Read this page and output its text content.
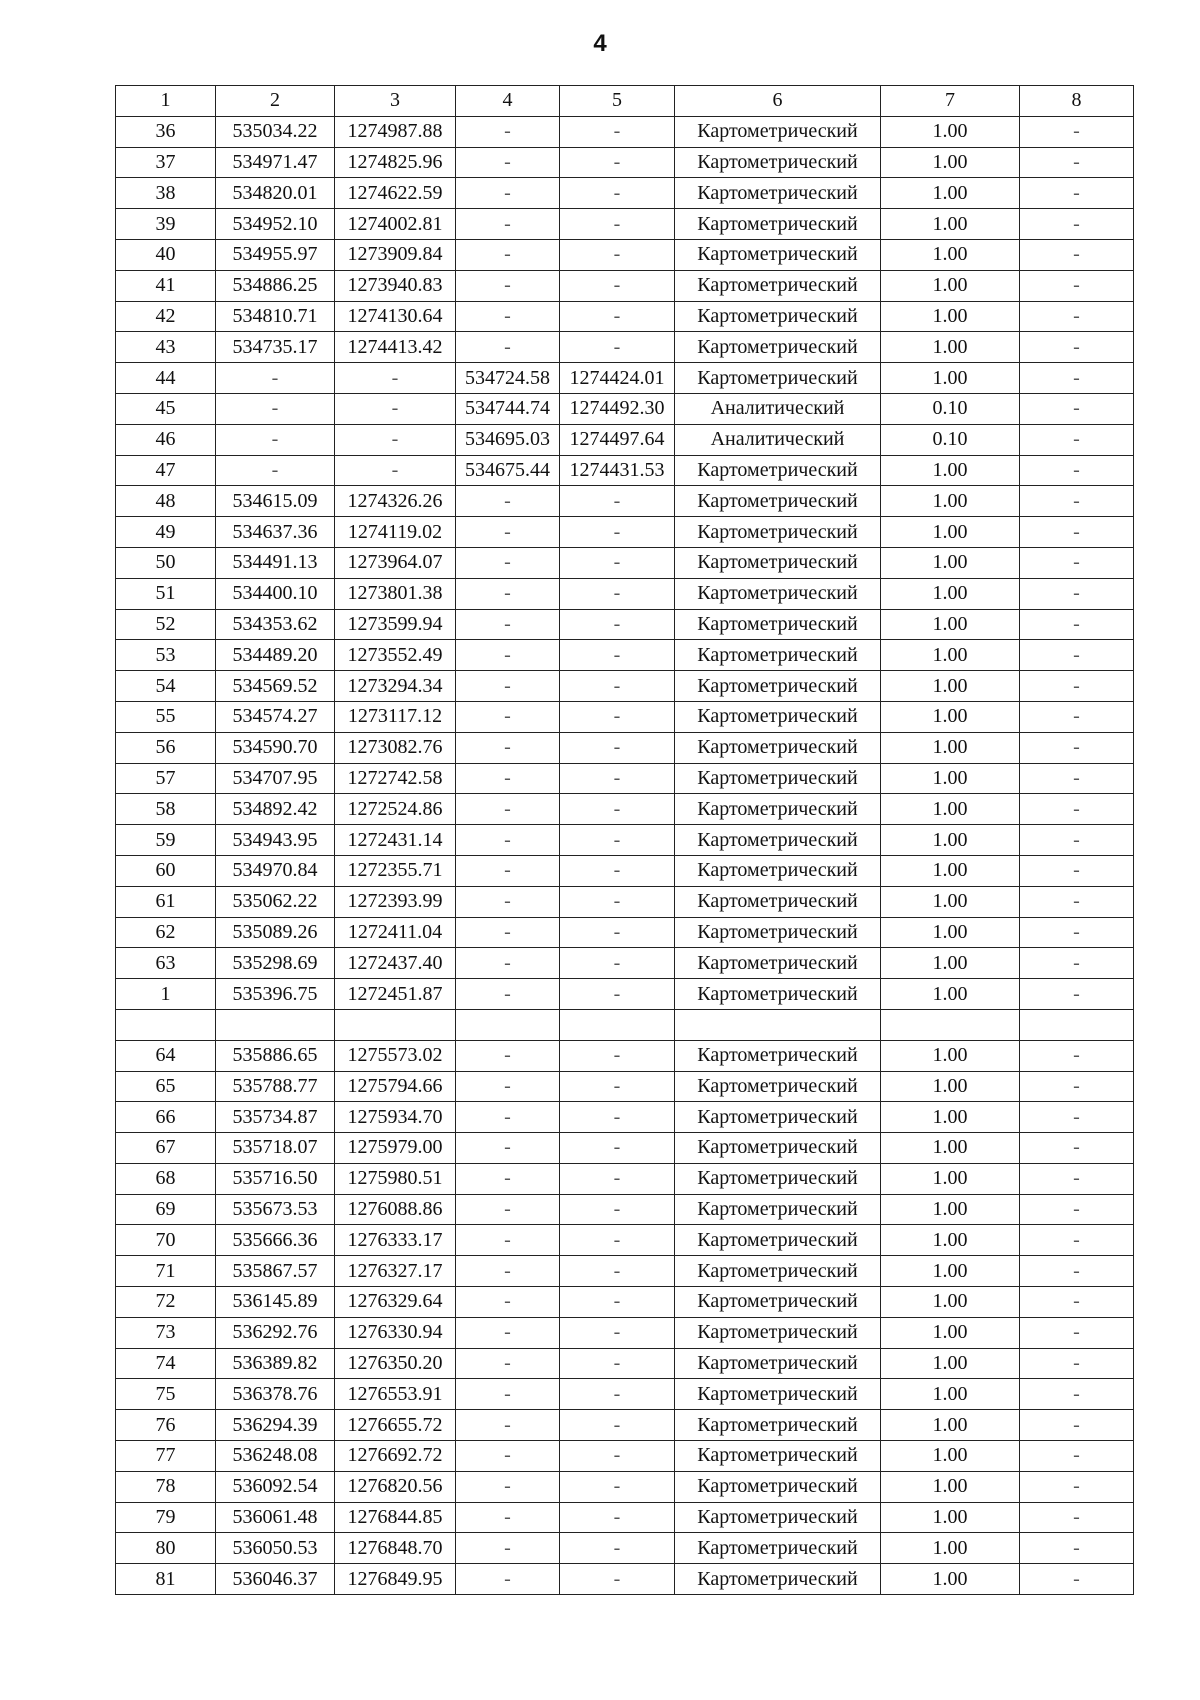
4
1	2	3	4	5	6	7	8
36	535034.22	1274987.88	-	-	Картометрический	1.00	-
37	534971.47	1274825.96	-	-	Картометрический	1.00	-
38	534820.01	1274622.59	-	-	Картометрический	1.00	-
39	534952.10	1274002.81	-	-	Картометрический	1.00	-
40	534955.97	1273909.84	-	-	Картометрический	1.00	-
41	534886.25	1273940.83	-	-	Картометрический	1.00	-
42	534810.71	1274130.64	-	-	Картометрический	1.00	-
43	534735.17	1274413.42	-	-	Картометрический	1.00	-
44	-	-	534724.58	1274424.01	Картометрический	1.00	-
45	-	-	534744.74	1274492.30	Аналитический	0.10	-
46	-	-	534695.03	1274497.64	Аналитический	0.10	-
47	-	-	534675.44	1274431.53	Картометрический	1.00	-
48	534615.09	1274326.26	-	-	Картометрический	1.00	-
49	534637.36	1274119.02	-	-	Картометрический	1.00	-
50	534491.13	1273964.07	-	-	Картометрический	1.00	-
51	534400.10	1273801.38	-	-	Картометрический	1.00	-
52	534353.62	1273599.94	-	-	Картометрический	1.00	-
53	534489.20	1273552.49	-	-	Картометрический	1.00	-
54	534569.52	1273294.34	-	-	Картометрический	1.00	-
55	534574.27	1273117.12	-	-	Картометрический	1.00	-
56	534590.70	1273082.76	-	-	Картометрический	1.00	-
57	534707.95	1272742.58	-	-	Картометрический	1.00	-
58	534892.42	1272524.86	-	-	Картометрический	1.00	-
59	534943.95	1272431.14	-	-	Картометрический	1.00	-
60	534970.84	1272355.71	-	-	Картометрический	1.00	-
61	535062.22	1272393.99	-	-	Картометрический	1.00	-
62	535089.26	1272411.04	-	-	Картометрический	1.00	-
63	535298.69	1272437.40	-	-	Картометрический	1.00	-
1	535396.75	1272451.87	-	-	Картометрический	1.00	-

64	535886.65	1275573.02	-	-	Картометрический	1.00	-
65	535788.77	1275794.66	-	-	Картометрический	1.00	-
66	535734.87	1275934.70	-	-	Картометрический	1.00	-
67	535718.07	1275979.00	-	-	Картометрический	1.00	-
68	535716.50	1275980.51	-	-	Картометрический	1.00	-
69	535673.53	1276088.86	-	-	Картометрический	1.00	-
70	535666.36	1276333.17	-	-	Картометрический	1.00	-
71	535867.57	1276327.17	-	-	Картометрический	1.00	-
72	536145.89	1276329.64	-	-	Картометрический	1.00	-
73	536292.76	1276330.94	-	-	Картометрический	1.00	-
74	536389.82	1276350.20	-	-	Картометрический	1.00	-
75	536378.76	1276553.91	-	-	Картометрический	1.00	-
76	536294.39	1276655.72	-	-	Картометрический	1.00	-
77	536248.08	1276692.72	-	-	Картометрический	1.00	-
78	536092.54	1276820.56	-	-	Картометрический	1.00	-
79	536061.48	1276844.85	-	-	Картометрический	1.00	-
80	536050.53	1276848.70	-	-	Картометрический	1.00	-
81	536046.37	1276849.95	-	-	Картометрический	1.00	-
